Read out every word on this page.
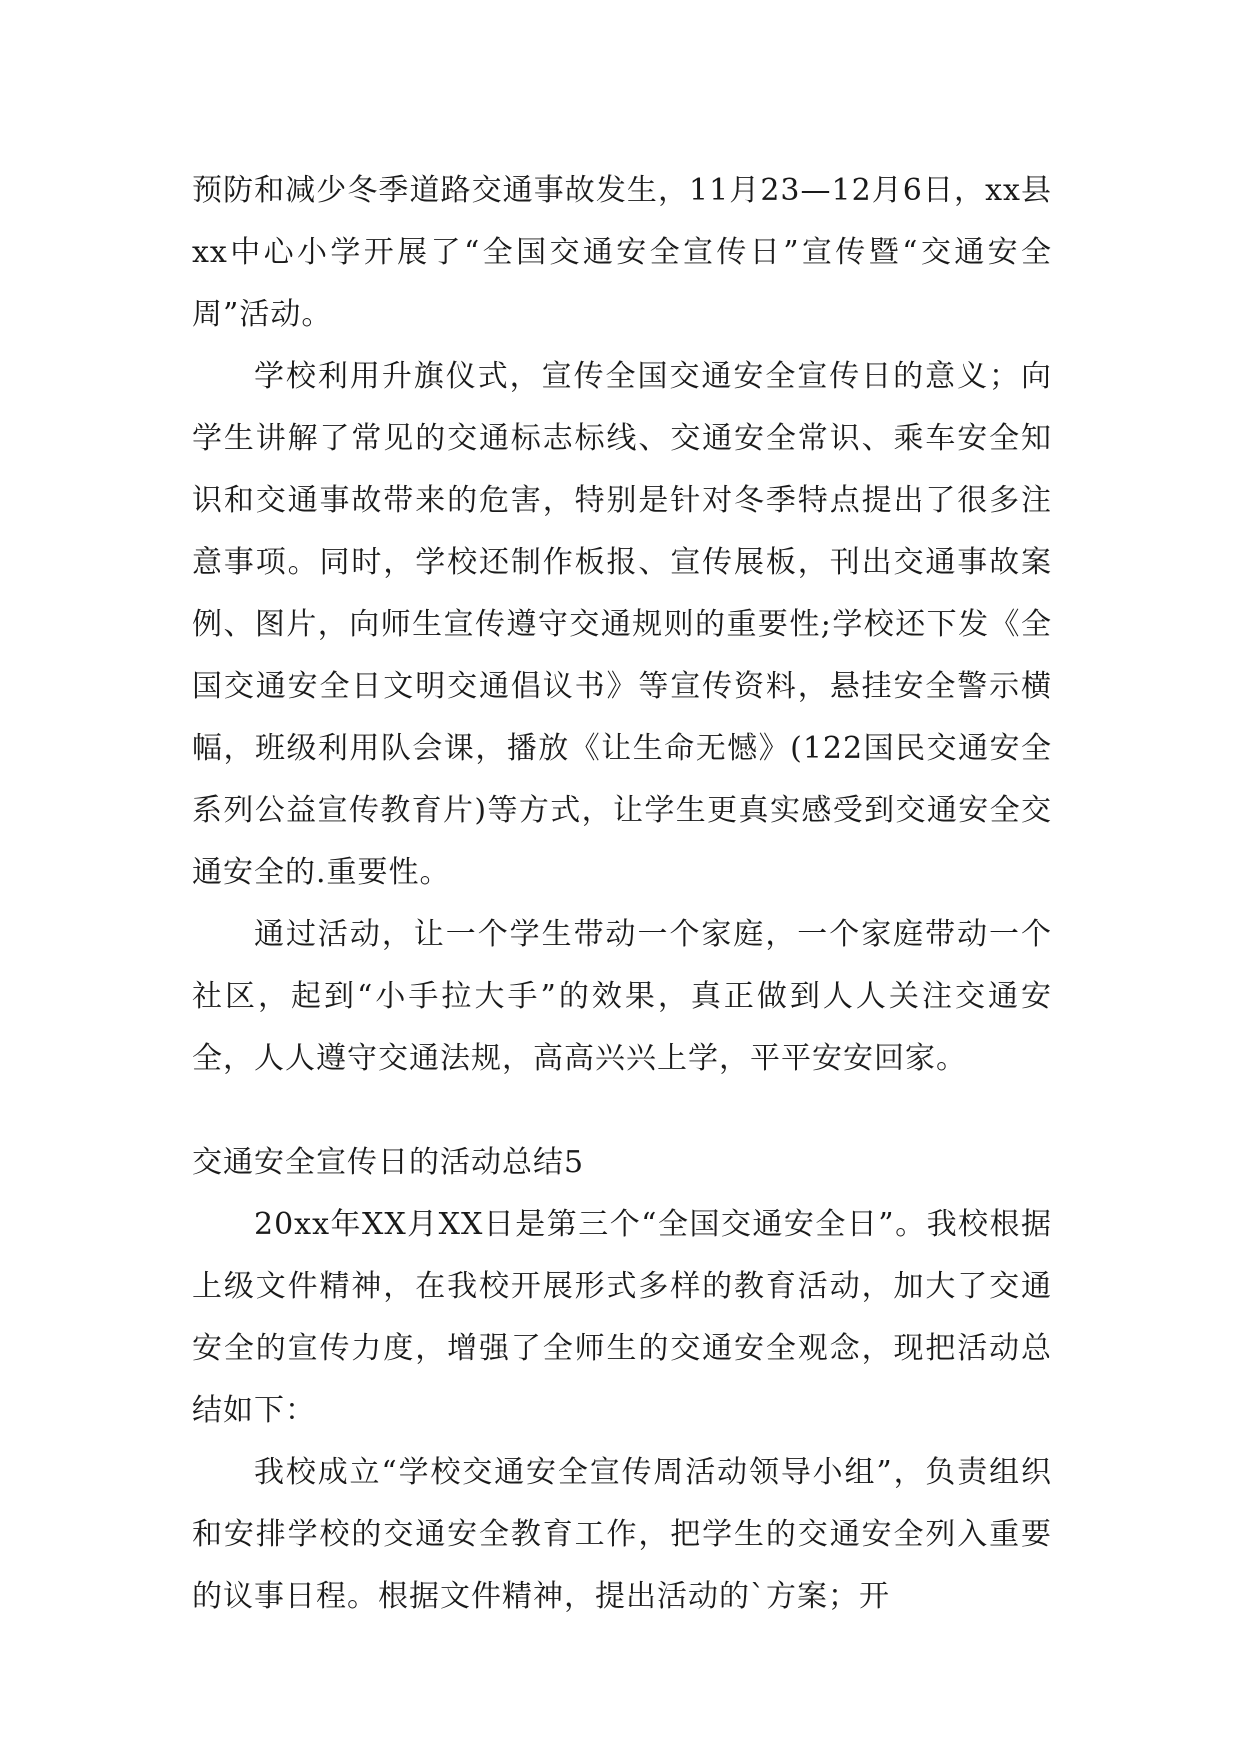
预防和减少冬季道路交通事故发生，11月23—12月6日，xx县xx中心小学开展了“全国交通安全宣传日”宣传暨“交通安全周”活动。

学校利用升旗仪式，宣传全国交通安全宣传日的意义；向学生讲解了常见的交通标志标线、交通安全常识、乘车安全知识和交通事故带来的危害，特别是针对冬季特点提出了很多注意事项。同时，学校还制作板报、宣传展板，刊出交通事故案例、图片，向师生宣传遵守交通规则的重要性;学校还下发《全国交通安全日文明交通倡议书》等宣传资料，悬挂安全警示横幅，班级利用队会课，播放《让生命无憾》(122国民交通安全系列公益宣传教育片)等方式，让学生更真实感受到交通安全交通安全的.重要性。

通过活动，让一个学生带动一个家庭，一个家庭带动一个社区，起到“小手拉大手”的效果，真正做到人人关注交通安全，人人遵守交通法规，高高兴兴上学，平平安安回家。

交通安全宣传日的活动总结5

20xx年XX月XX日是第三个“全国交通安全日”。我校根据上级文件精神，在我校开展形式多样的教育活动，加大了交通安全的宣传力度，增强了全师生的交通安全观念，现把活动总结如下：

我校成立“学校交通安全宣传周活动领导小组”，负责组织和安排学校的交通安全教育工作，把学生的交通安全列入重要的议事日程。根据文件精神，提出活动的`方案；开
